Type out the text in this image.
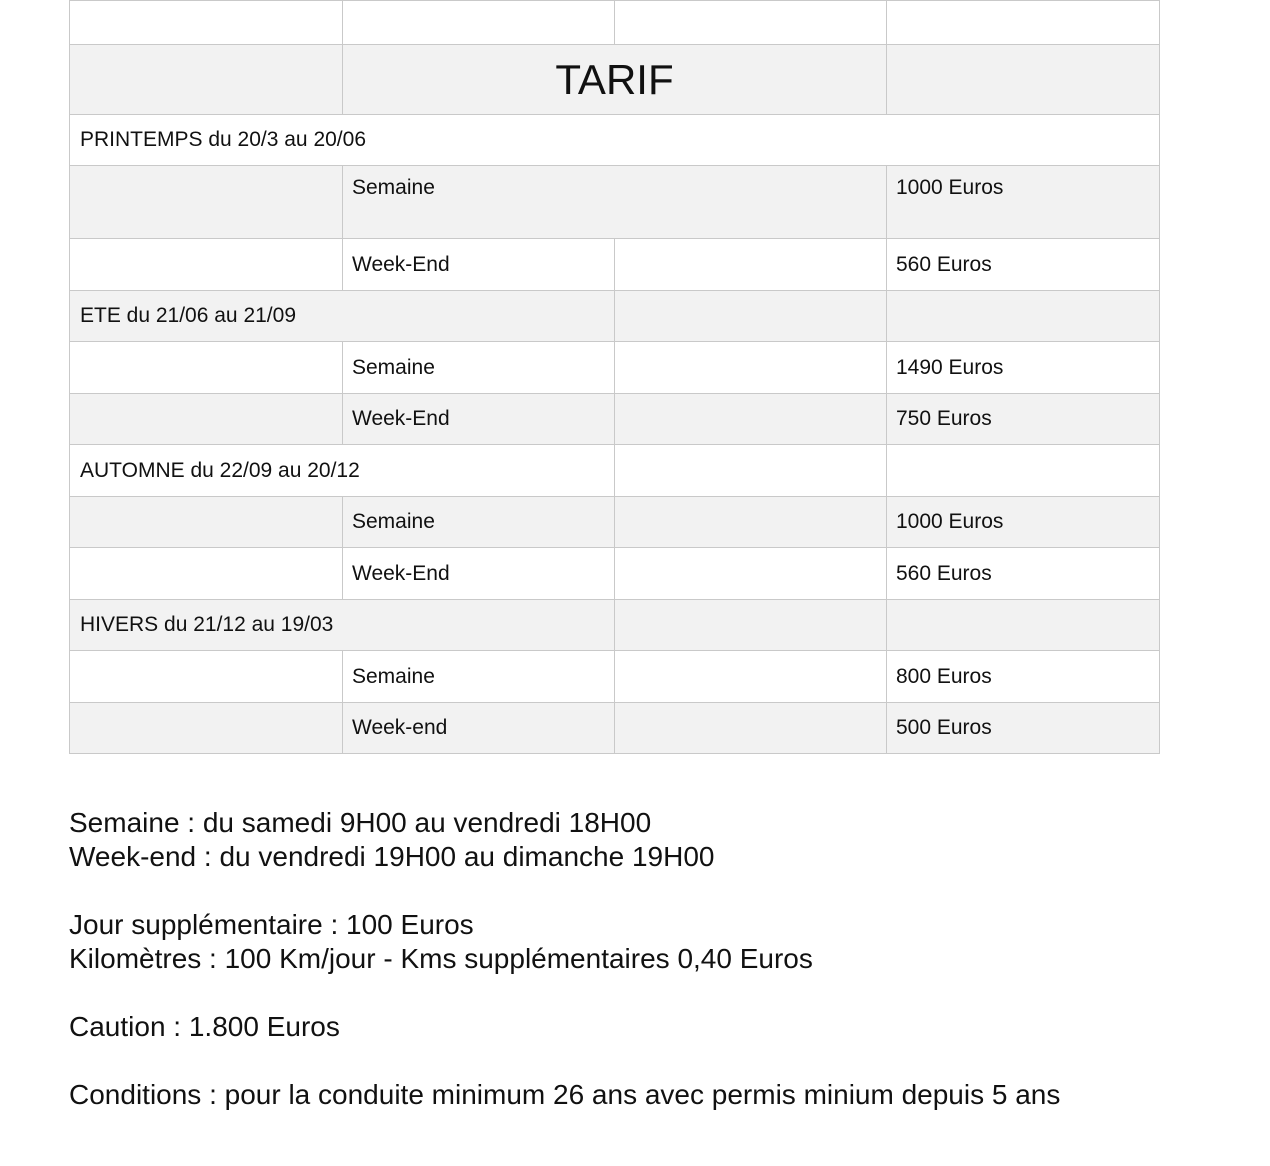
	TARIF		
PRINTEMPS du 20/3 au 20/06			
	Semaine		1000 Euros
	Week-End		560 Euros
ETE du 21/06 au 21/09			
	Semaine		1490 Euros
	Week-End		750 Euros
AUTOMNE du 22/09 au 20/12			
	Semaine		1000 Euros
	Week-End		560 Euros
HIVERS du 21/12 au 19/03			
	Semaine		800 Euros
	Week-end		500 Euros

Semaine : du samedi 9H00 au vendredi 18H00

Week-end : du vendredi 19H00 au dimanche 19H00

Jour supplémentaire : 100 Euros

Kilomètres : 100 Km/jour - Kms supplémentaires 0,40 Euros

Caution : 1.800 Euros

Conditions : pour la conduite minimum 26 ans avec permis minium depuis 5 ans
